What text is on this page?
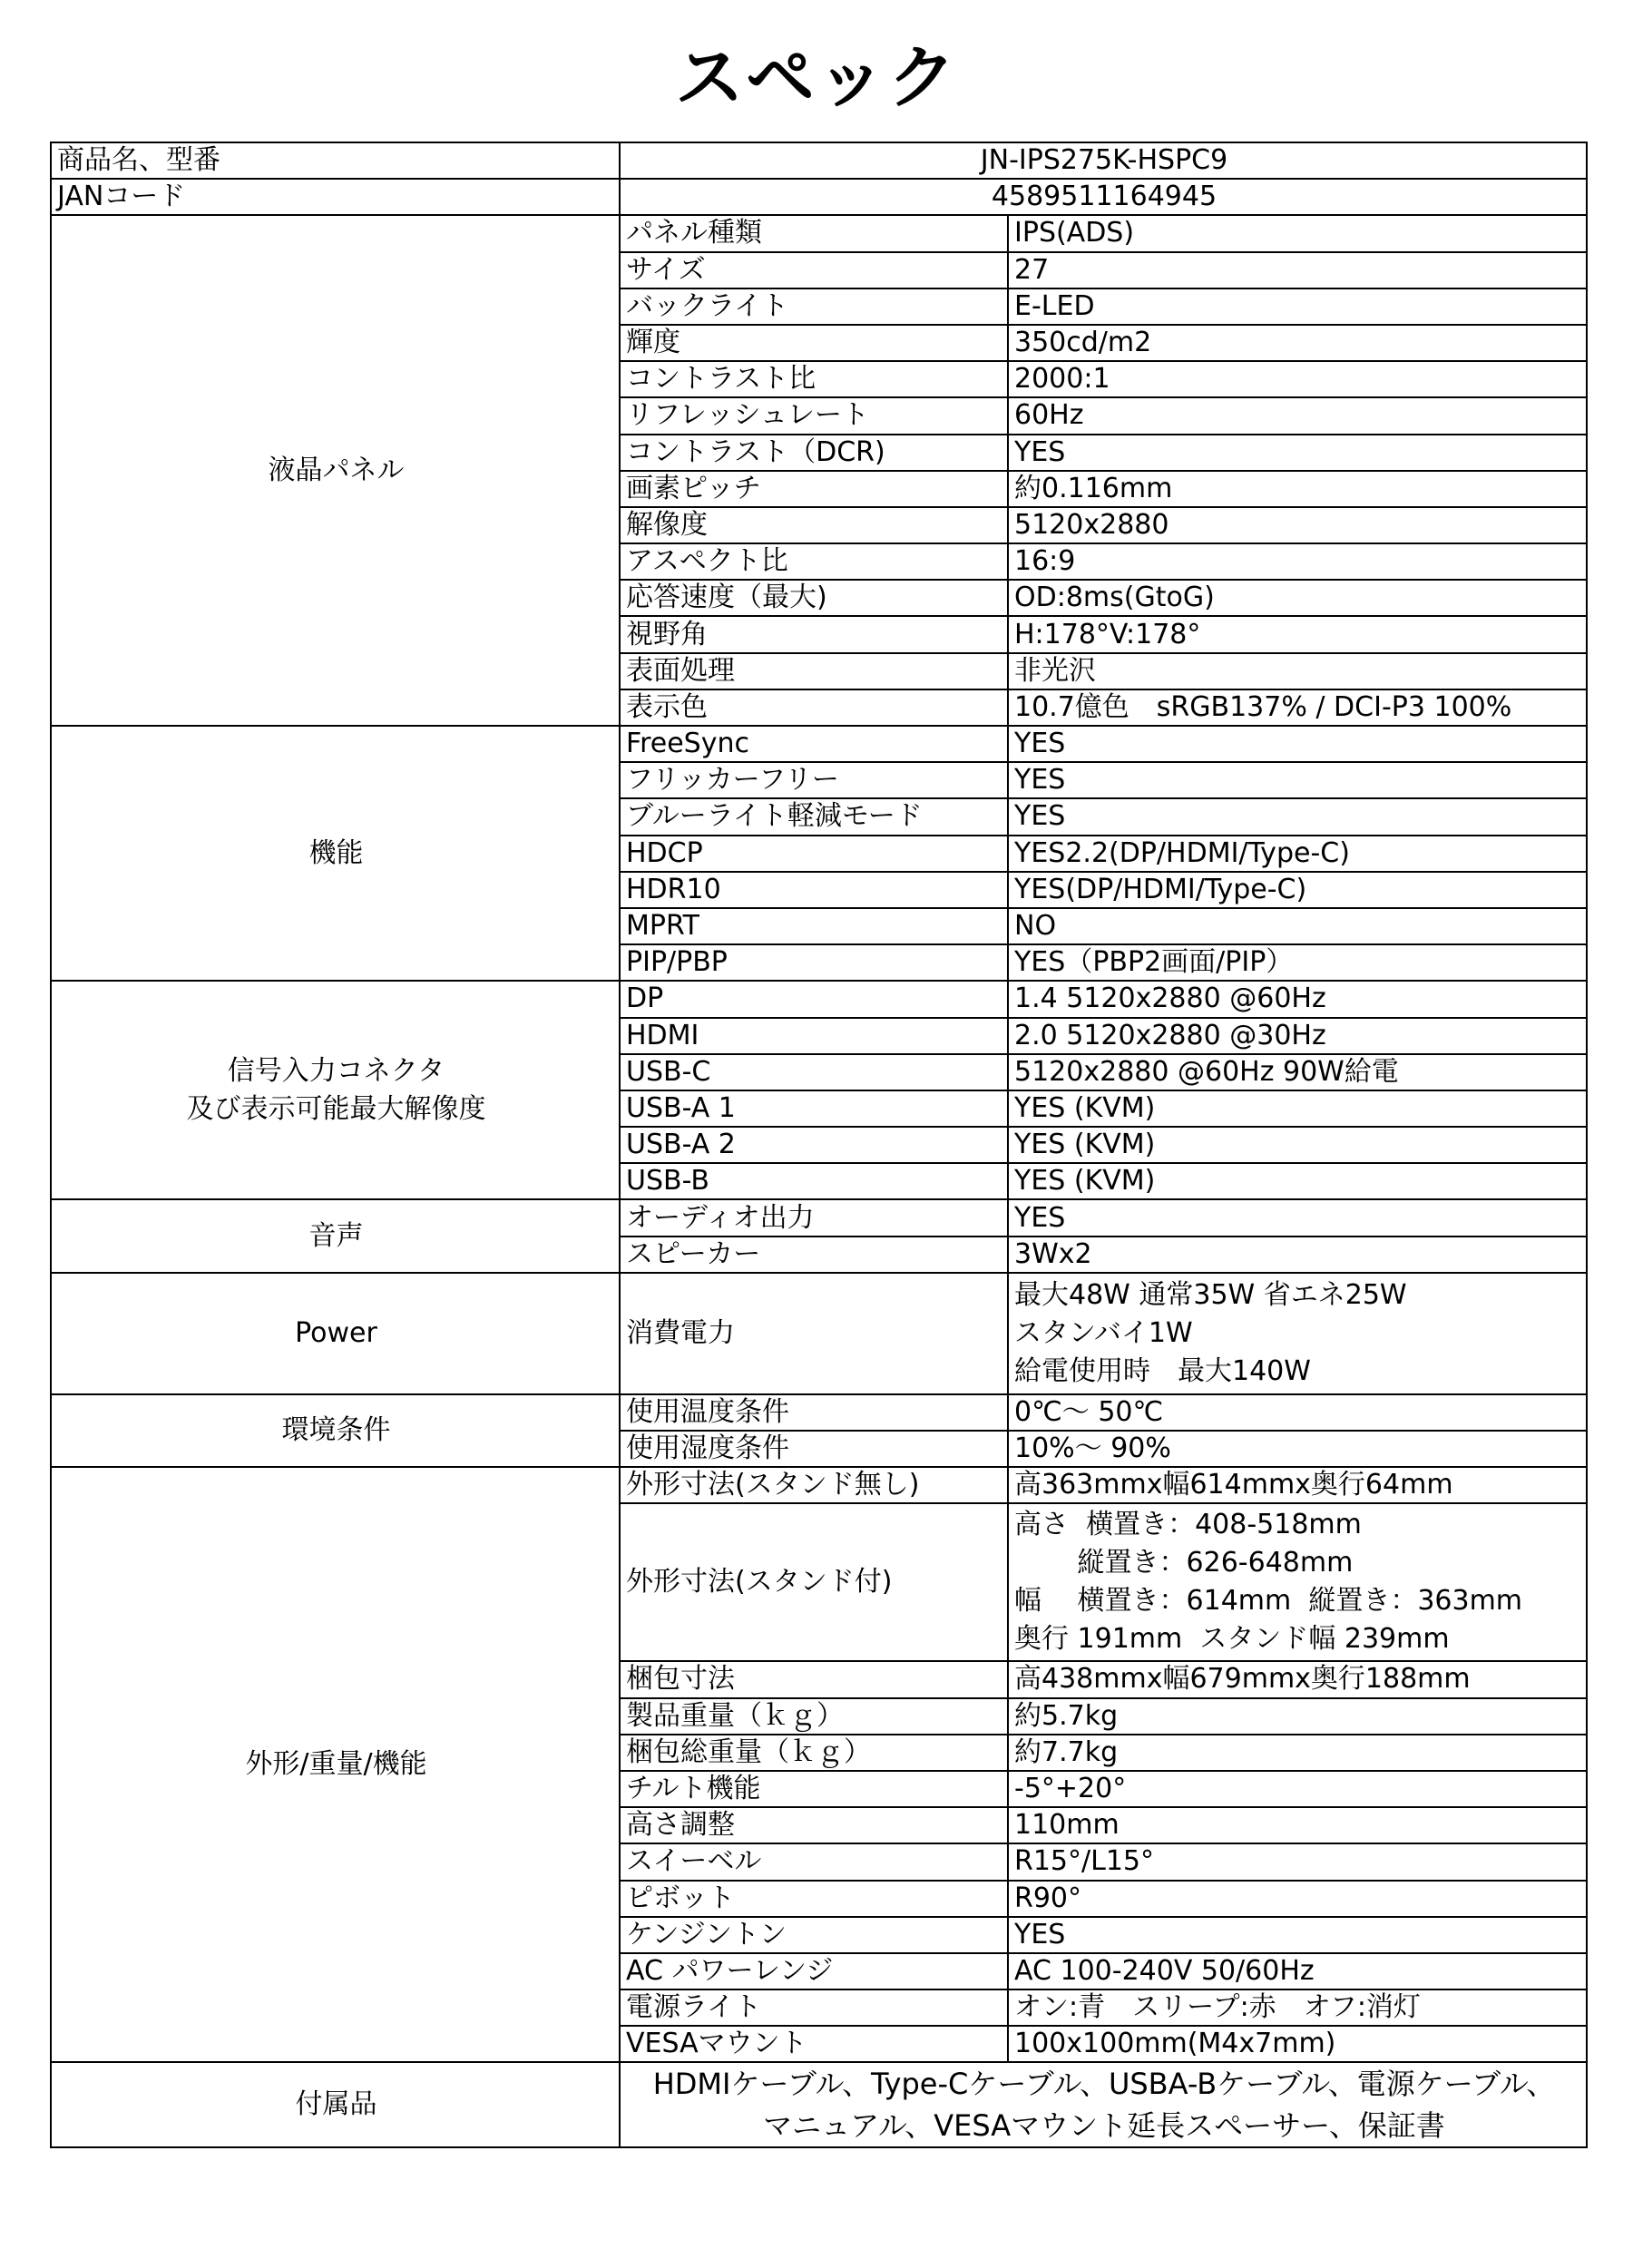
スペック
商品名、型番	JN-IPS275K-HSPC9	
JANコード	4589511164945	

液晶パネル	パネル種類	IPS(ADS)
	サイズ	27
	バックライト	E-LED
	輝度	350cd/m2
	コントラスト比	2000:1
	リフレッシュレート	60Hz
	コントラスト（DCR)	YES
	画素ピッチ	約0.116mm
	解像度	5120x2880
	アスペクト比	16:9
	応答速度（最大)	OD:8ms(GtoG)
	視野角	H:178°V:178°
	表面処理	非光沢
	表示色	10.7億色　sRGB137% / DCI-P3 100%

機能	FreeSync	YES
	フリッカーフリー	YES
	ブルーライト軽減モード	YES
	HDCP	YES2.2(DP/HDMI/Type-C)
	HDR10	YES(DP/HDMI/Type-C)
	MPRT	NO
	PIP/PBP	YES（PBP2画面/PIP）

信号入力コネクタ
及び表示可能最大解像度	DP	1.4 5120x2880 @60Hz
	HDMI	2.0 5120x2880 @30Hz
	USB-C	5120x2880 @60Hz 90W給電
	USB-A 1	YES (KVM)
	USB-A 2	YES (KVM)
	USB-B	YES (KVM)

音声	オーディオ出力	YES
	スピーカー	3Wx2

Power	消費電力	最大48W 通常35W 省エネ25W
スタンバイ1W
給電使用時　最大140W

環境条件	使用温度条件	0℃～ 50℃
	使用湿度条件	10%～ 90%

外形/重量/機能	外形寸法(スタンド無し)	高363mmx幅614mmx奥行64mm
	外形寸法(スタンド付)	高さ  横置き：408-518mm
　　 縦置き：626-648mm
幅　 横置き：614mm  縦置き：363mm
奥行 191mm  スタンド幅 239mm

	梱包寸法	高438mmx幅679mmx奥行188mm
	製品重量（ｋｇ）	約5.7kg
	梱包総重量（ｋｇ）	約7.7kg
	チルト機能	-5°+20°
	高さ調整	110mm
	スイーベル	R15°/L15°
	ピボット	R90°
	ケンジントン	YES
	AC パワーレンジ	AC 100-240V 50/60Hz
	電源ライト	オン:青　スリープ:赤　オフ:消灯
	VESAマウント	100x100mm(M4x7mm)
付属品	HDMIケーブル、Type-Cケーブル、USBA-Bケーブル、電源ケーブル、
マニュアル、VESAマウント延長スペーサー、保証書	
